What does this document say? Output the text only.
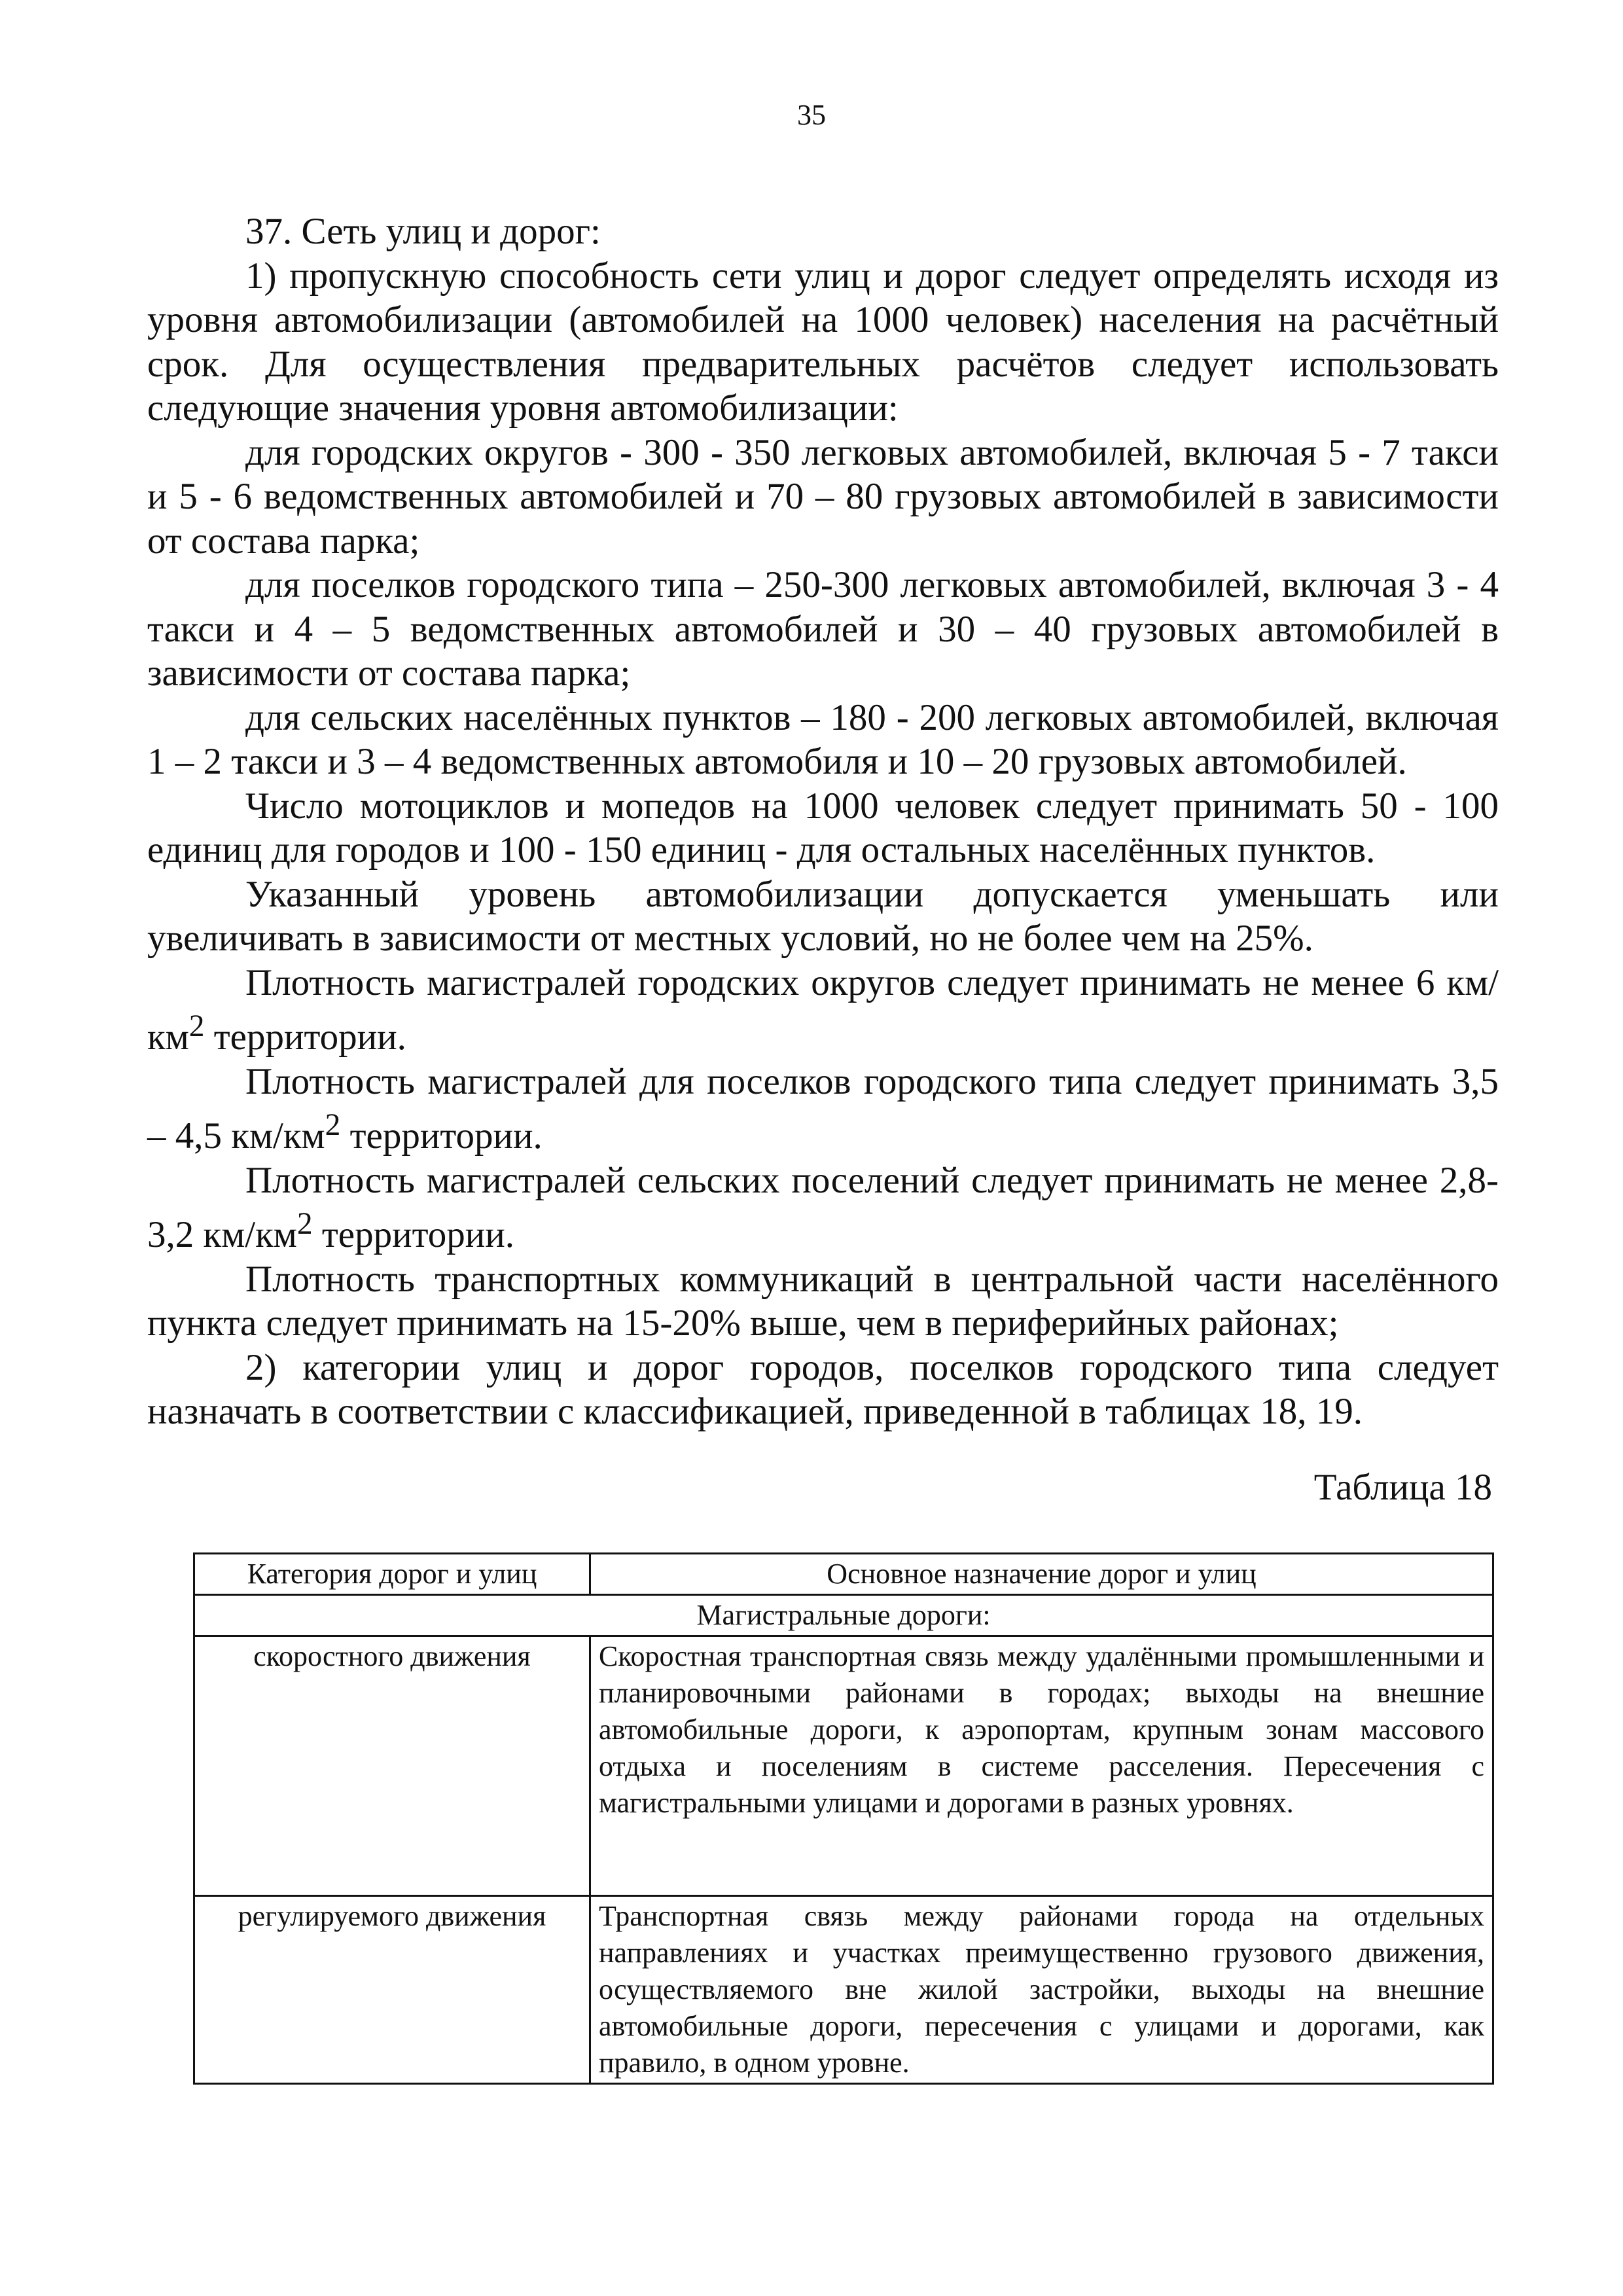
35

37. Сеть улиц и дорог:

1) пропускную способность сети улиц и дорог следует определять исходя из уровня автомобилизации (автомобилей на 1000 человек) населения на расчётный срок. Для осуществления предварительных расчётов следует использовать следующие значения уровня автомобилизации:

для городских округов - 300 - 350 легковых автомобилей, включая 5 - 7 такси и 5 - 6 ведомственных автомобилей и 70 – 80 грузовых автомобилей в зависимости от состава парка;

для поселков городского типа – 250-300 легковых автомобилей, включая 3 - 4 такси и 4 – 5 ведомственных автомобилей и 30 – 40 грузовых автомобилей в зависимости от состава парка;

для сельских населённых пунктов – 180 - 200 легковых автомобилей, включая 1 – 2 такси и 3 – 4 ведомственных автомобиля и 10 – 20 грузовых автомобилей.

Число мотоциклов и мопедов на 1000 человек следует принимать 50 - 100 единиц для городов и 100 - 150 единиц - для остальных населённых пунктов.

Указанный уровень автомобилизации допускается уменьшать или увеличивать в зависимости от местных условий, но не более чем на 25%.

Плотность магистралей городских округов следует принимать не менее 6 $км/км^2$ территории.

Плотность магистралей для поселков городского типа следует принимать 3,5 – 4,5 $км/км^2$ территории.

Плотность магистралей сельских поселений следует принимать не менее 2,8-3,2 $км/км^2$ территории.

Плотность транспортных коммуникаций в центральной части населённого пункта следует принимать на 15-20% выше, чем в периферийных районах;

2) категории улиц и дорог городов, поселков городского типа следует назначать в соответствии с классификацией, приведенной в таблицах 18, 19.

Таблица 18
Категория дорог и улиц	Основное назначение дорог и улиц
Магистральные дороги:	
скоростного движения	Скоростная транспортная связь между удалёнными промышленными и планировочными районами в городах; выходы на внешние автомобильные дороги, к аэропортам, крупным зонам массового отдыха и поселениям в системе расселения. Пересечения с магистральными улицами и дорогами в разных уровнях.
регулируемого движения	Транспортная связь между районами города на отдельных направлениях и участках преимущественно грузового движения, осуществляемого вне жилой застройки, выходы на внешние автомобильные дороги, пересечения с улицами и дорогами, как правило, в одном уровне.
